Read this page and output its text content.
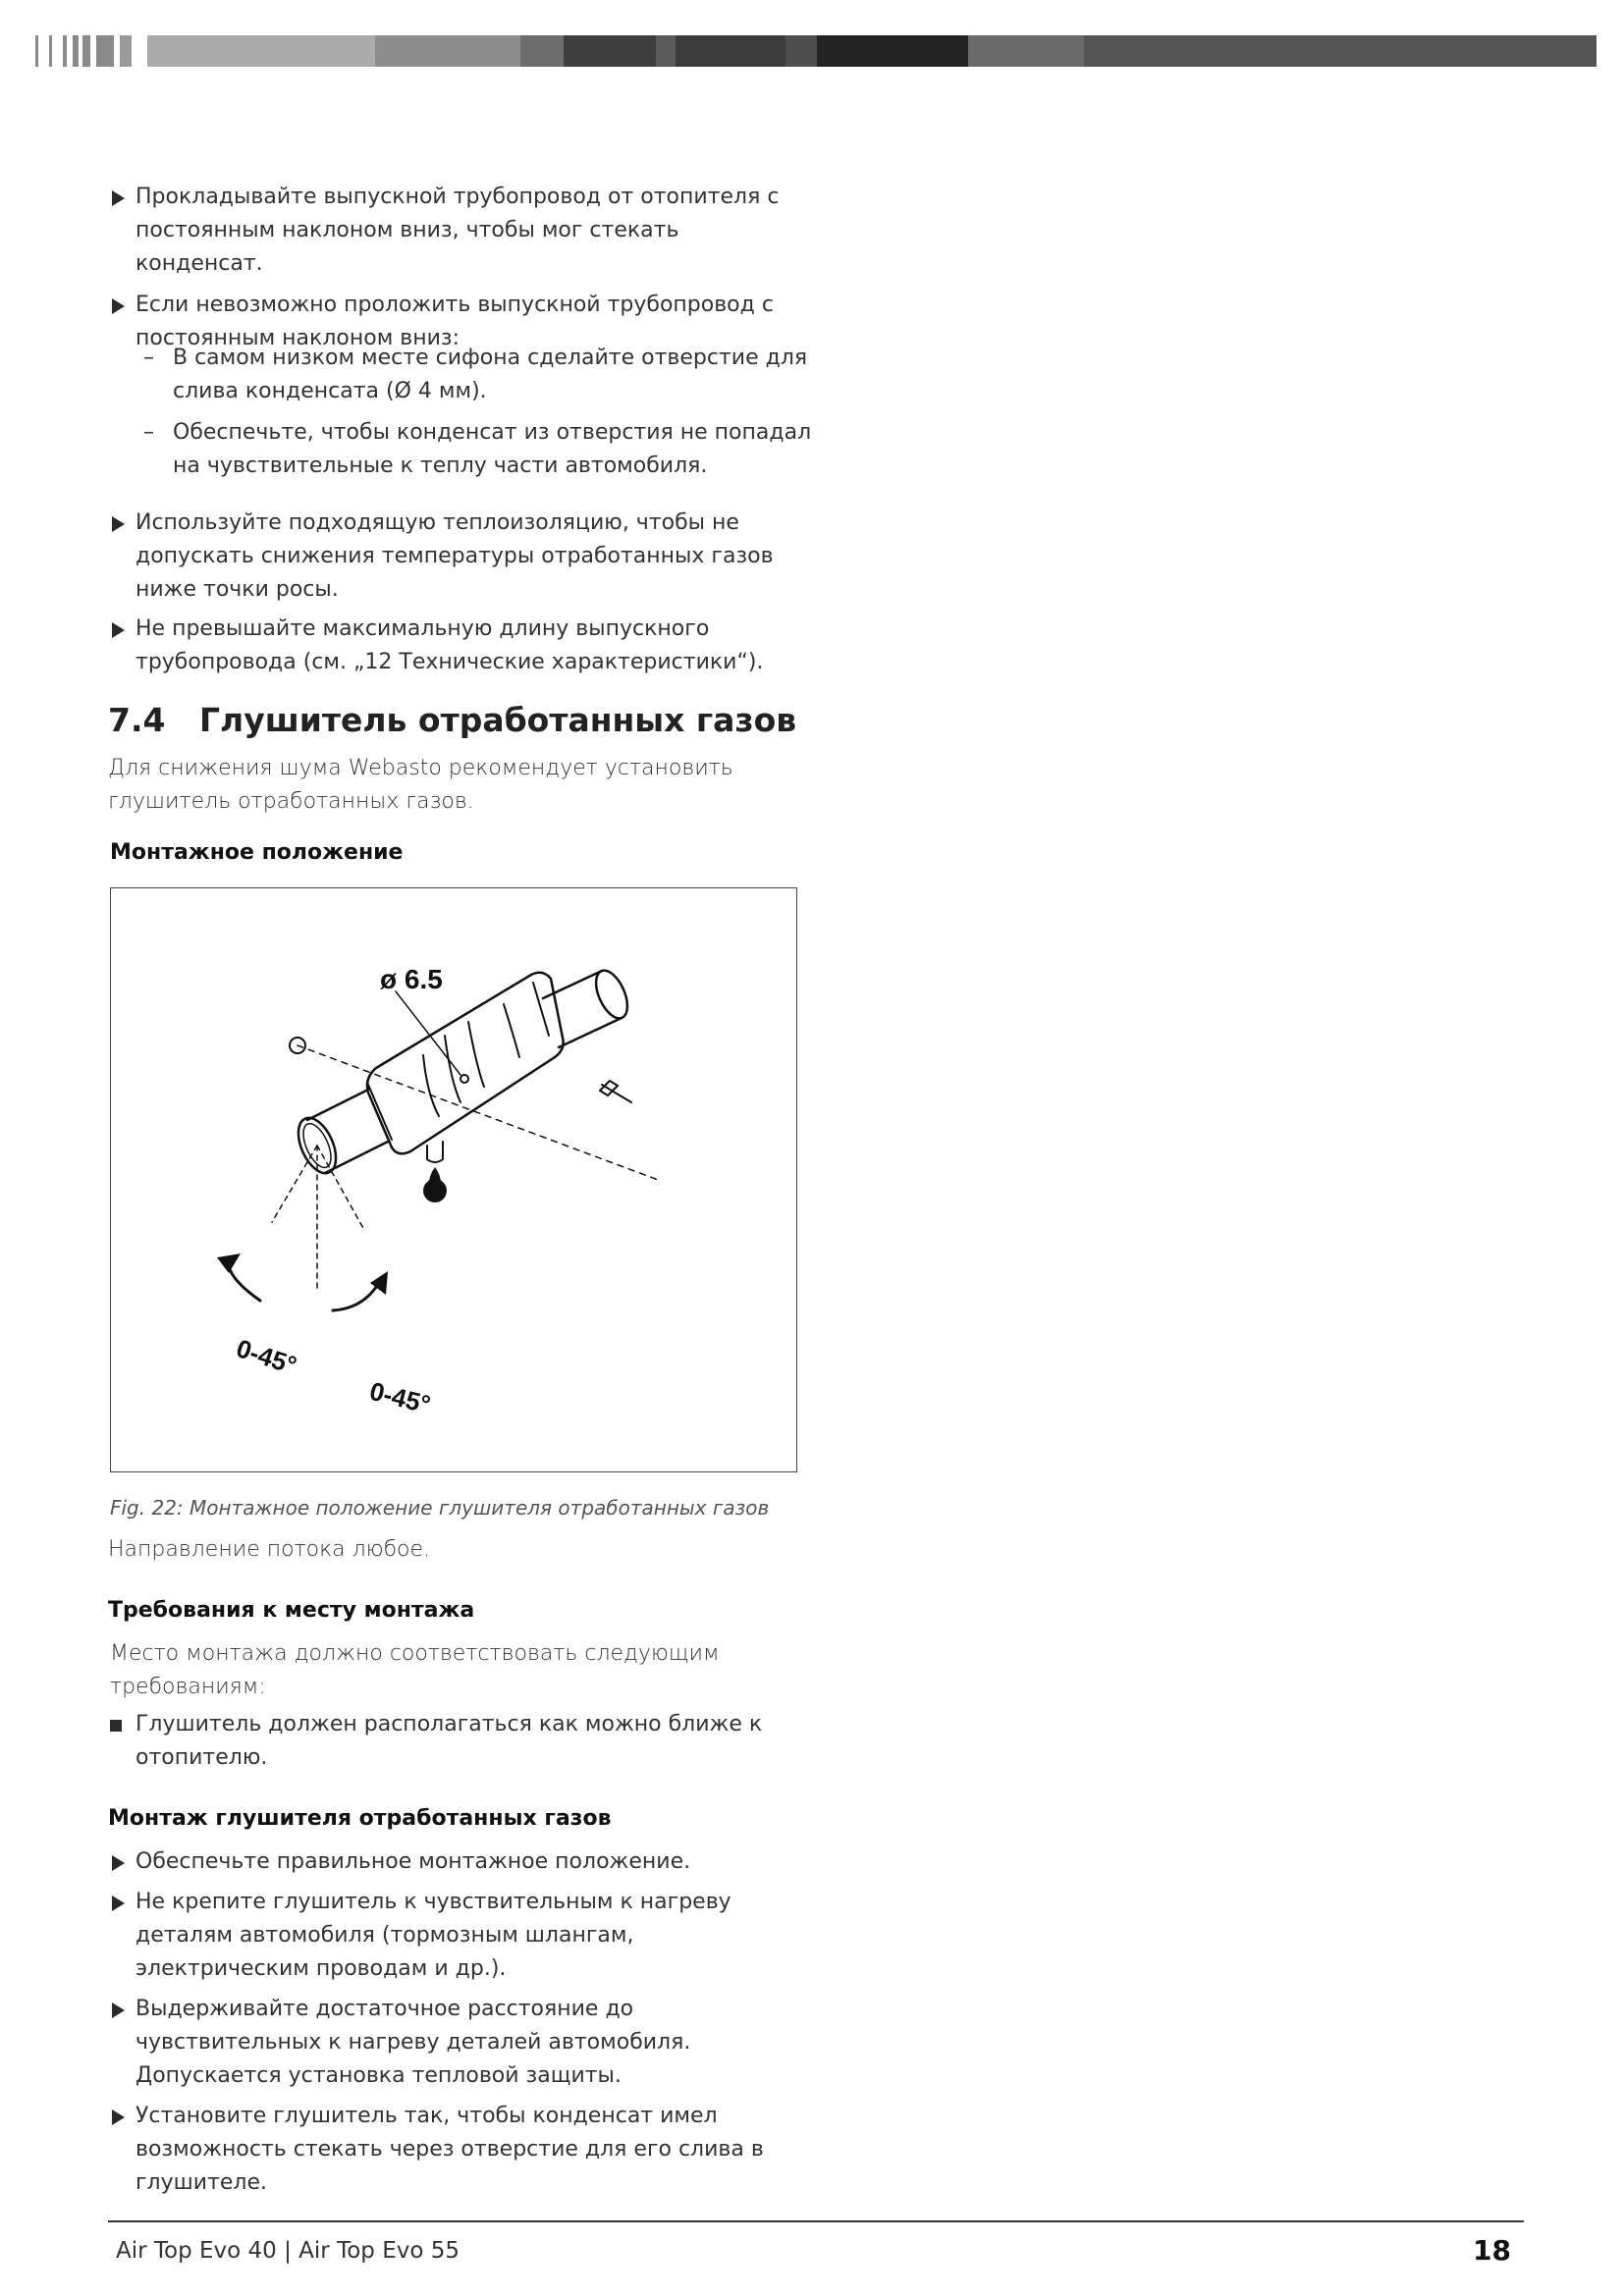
Прокладывайте выпускной трубопровод от отопителя с постоянным наклоном вниз, чтобы мог стекать конденсат.

Если невозможно проложить выпускной трубопровод с постоянным наклоном вниз:

– В самом низком месте сифона сделайте отверстие для слива конденсата (Ø 4 мм).

– Обеспечьте, чтобы конденсат из отверстия не попадал на чувствительные к теплу части автомобиля.

Используйте подходящую теплоизоляцию, чтобы не допускать снижения температуры отработанных газов ниже точки росы.

Не превышайте максимальную длину выпускного трубопровода (см. „12 Технические характеристики“).

7.4 Глушитель отработанных газов

Для снижения шума Webasto рекомендует установить глушитель отработанных газов.

Монтажное положение
ø 6.5
0-45°
0-45°
Fig. 22: Монтажное положение глушителя отработанных газов

Направление потока любое.

Требования к месту монтажа

Место монтажа должно соответствовать следующим требованиям:

Глушитель должен располагаться как можно ближе к отопителю.

Монтаж глушителя отработанных газов

Обеспечьте правильное монтажное положение.

Не крепите глушитель к чувствительным к нагреву деталям автомобиля (тормозным шлангам, электрическим проводам и др.).

Выдерживайте достаточное расстояние до чувствительных к нагреву деталей автомобиля. Допускается установка тепловой защиты.

Установите глушитель так, чтобы конденсат имел возможность стекать через отверстие для его слива в глушителе.

Air Top Evo 40 | Air Top Evo 55	18
